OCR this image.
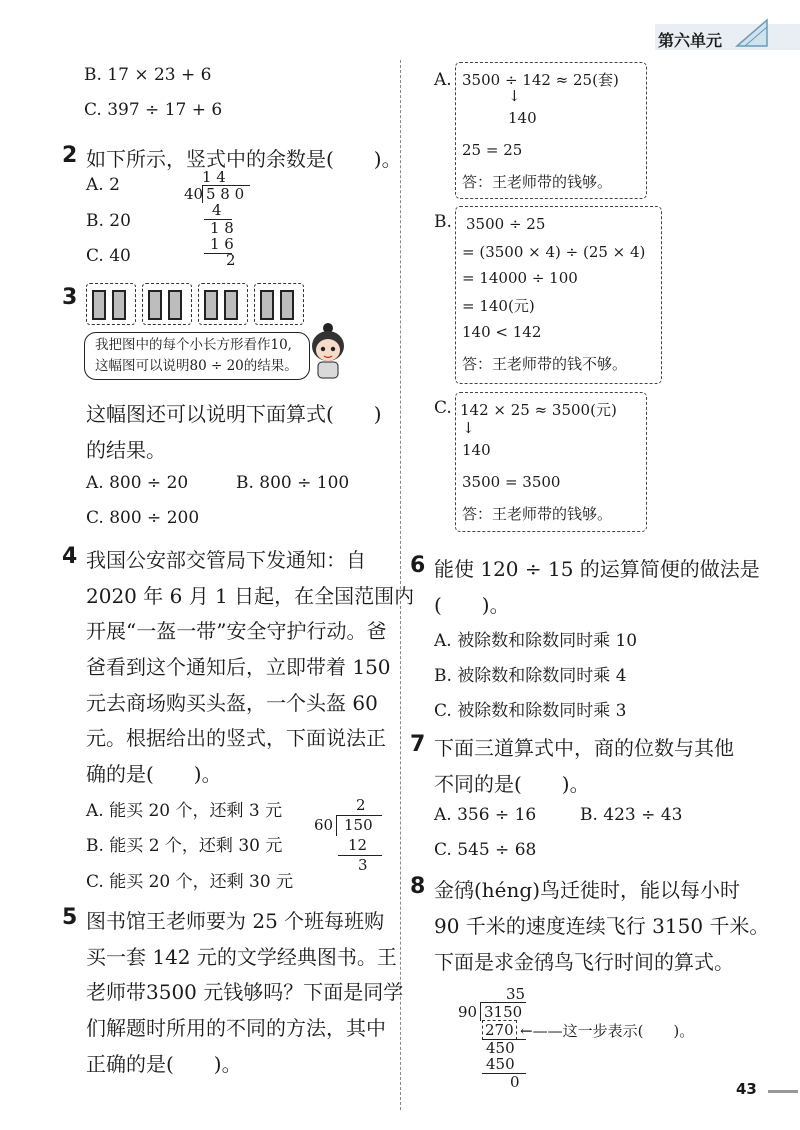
第六单元
B. 17 × 23 + 6
C. 397 ÷ 17 + 6
2 如下所示，竖式中的余数是(　　)。
A. 2
B. 20
C. 40
1 4
40 5 8 0
4
1 8
1 6
2
3
我把图中的每个小长方形看作10,
这幅图可以说明80 ÷ 20的结果。
这幅图还可以说明下面算式(　　)
的结果。
A. 800 ÷ 20	B. 800 ÷ 100
C. 800 ÷ 200
4 我国公安部交管局下发通知：自
2020 年 6 月 1 日起，在全国范围内
开展“一盔一带”安全守护行动。爸
爸看到这个通知后，立即带着 150
元去商场购买头盔，一个头盔 60
元。根据给出的竖式，下面说法正
确的是(　　)。
A. 能买 20 个，还剩 3 元
B. 能买 2 个，还剩 30 元
C. 能买 20 个，还剩 30 元
2
60 150
12
3
5 图书馆王老师要为 25 个班每班购
买一套 142 元的文学经典图书。王
老师带3500 元钱够吗？下面是同学
们解题时所用的不同的方法，其中
正确的是(　　)。
A. 3500 ÷ 142 ≈ 25(套)
↓
140
25 = 25
答：王老师带的钱够。
B. 3500 ÷ 25
= (3500 × 4) ÷ (25 × 4)
= 14000 ÷ 100
= 140(元)
140 < 142
答：王老师带的钱不够。
C. 142 × 25 ≈ 3500(元)
↓
140
3500 = 3500
答：王老师带的钱够。
6 能使 120 ÷ 15 的运算简便的做法是
(　　)。
A. 被除数和除数同时乘 10
B. 被除数和除数同时乘 4
C. 被除数和除数同时乘 3
7 下面三道算式中，商的位数与其他
不同的是(　　)。
A. 356 ÷ 16	B. 423 ÷ 43
C. 545 ÷ 68
8 金鸻(héng)鸟迁徙时，能以每小时
90 千米的速度连续飞行 3150 千米。
下面是求金鸻鸟飞行时间的算式。
35
90 3150
270
450
450
0
←——这一步表示(　　)。
43
